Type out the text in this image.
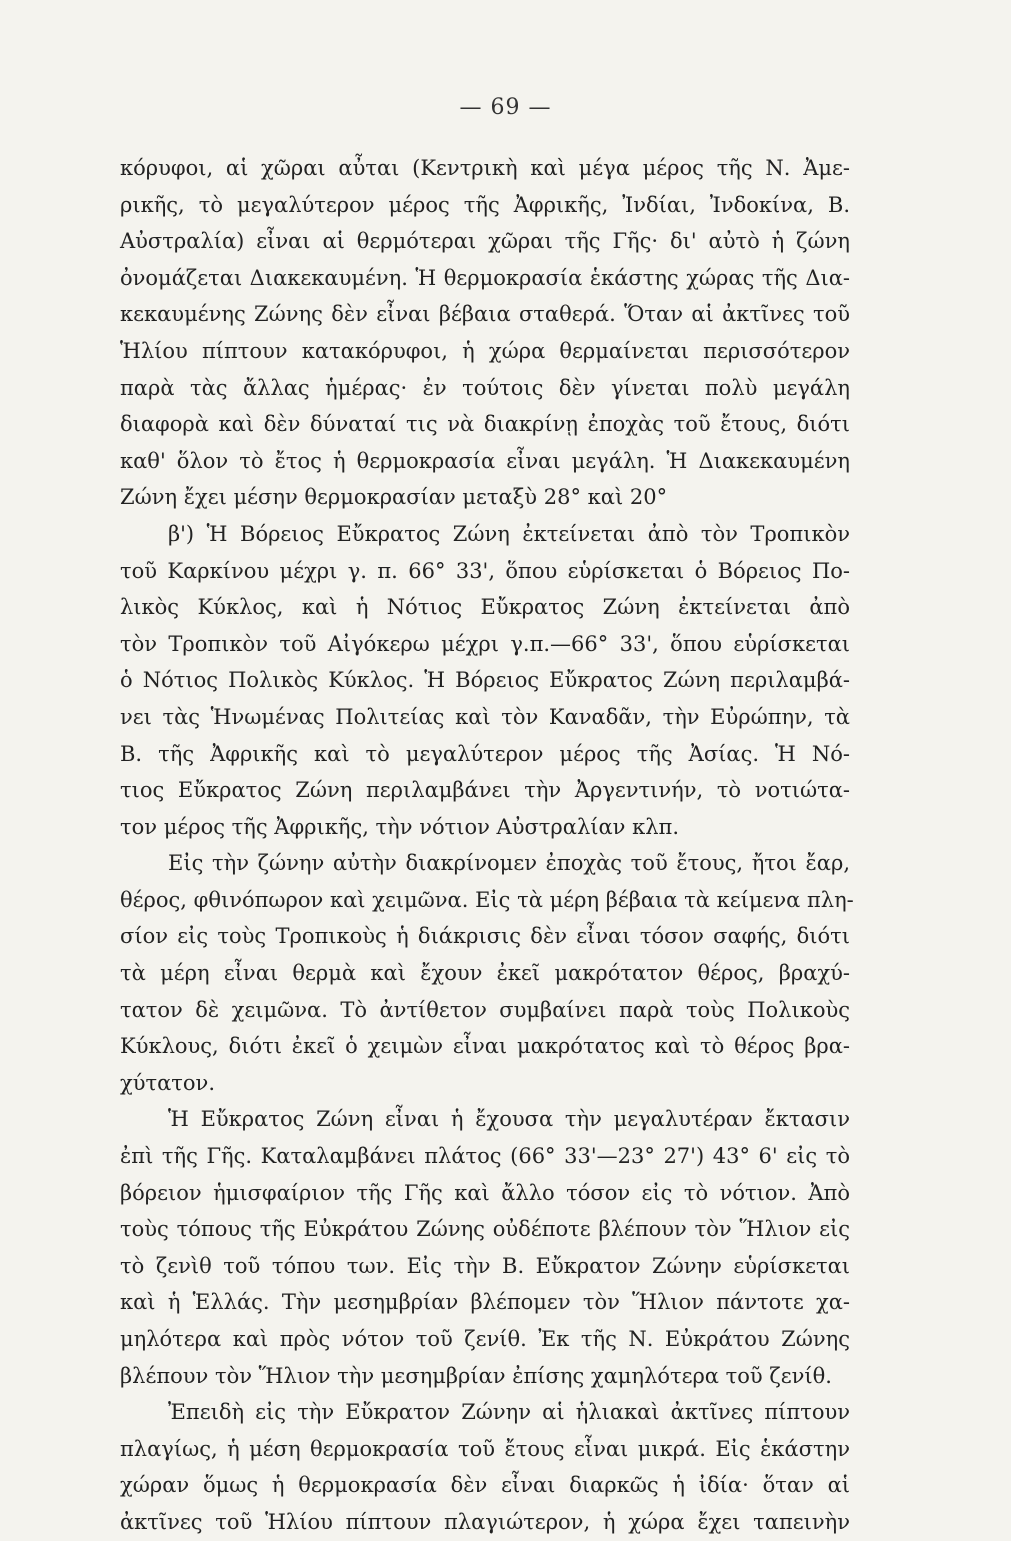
— 69 —
κόρυφοι, αἱ χῶραι αὖται (Κεντρικὴ καὶ μέγα μέρος τῆς Ν. Ἀμε-
ρικῆς, τὸ μεγαλύτερον μέρος τῆς Ἀφρικῆς, Ἰνδίαι, Ἰνδοκίνα, Β.
Αὐστραλία) εἶναι αἱ θερμότεραι χῶραι τῆς Γῆς· δι' αὐτὸ ἡ ζώνη
ὀνομάζεται Διακεκαυμένη. Ἡ θερμοκρασία ἑκάστης χώρας τῆς Δια-
κεκαυμένης Ζώνης δὲν εἶναι βέβαια σταθερά. Ὅταν αἱ ἀκτῖνες τοῦ
Ἡλίου πίπτουν κατακόρυφοι, ἡ χώρα θερμαίνεται περισσότερον
παρὰ τὰς ἄλλας ἡμέρας· ἐν τούτοις δὲν γίνεται πολὺ μεγάλη
διαφορὰ καὶ δὲν δύναταί τις νὰ διακρίνῃ ἐποχὰς τοῦ ἔτους, διότι
καθ' ὅλον τὸ ἔτος ἡ θερμοκρασία εἶναι μεγάλη. Ἡ Διακεκαυμένη
Ζώνη ἔχει μέσην θερμοκρασίαν μεταξὺ 28° καὶ 20°
β') Ἡ Βόρειος Εὔκρατος Ζώνη ἐκτείνεται ἀπὸ τὸν Τροπικὸν
τοῦ Καρκίνου μέχρι γ. π. 66° 33', ὅπου εὑρίσκεται ὁ Βόρειος Πο-
λικὸς Κύκλος, καὶ ἡ Νότιος Εὔκρατος Ζώνη ἐκτείνεται ἀπὸ
τὸν Τροπικὸν τοῦ Αἰγόκερω μέχρι γ.π.—66° 33', ὅπου εὑρίσκεται
ὁ Νότιος Πολικὸς Κύκλος. Ἡ Βόρειος Εὔκρατος Ζώνη περιλαμβά-
νει τὰς Ἡνωμένας Πολιτείας καὶ τὸν Καναδᾶν, τὴν Εὐρώπην, τὰ
Β. τῆς Ἀφρικῆς καὶ τὸ μεγαλύτερον μέρος τῆς Ἀσίας. Ἡ Νό-
τιος Εὔκρατος Ζώνη περιλαμβάνει τὴν Ἀργεντινήν, τὸ νοτιώτα-
τον μέρος τῆς Ἀφρικῆς, τὴν νότιον Αὐστραλίαν κλπ.
Εἰς τὴν ζώνην αὐτὴν διακρίνομεν ἐποχὰς τοῦ ἔτους, ἤτοι ἔαρ,
θέρος, φθινόπωρον καὶ χειμῶνα. Εἰς τὰ μέρη βέβαια τὰ κείμενα πλη-
σίον εἰς τοὺς Τροπικοὺς ἡ διάκρισις δὲν εἶναι τόσον σαφής, διότι
τὰ μέρη εἶναι θερμὰ καὶ ἔχουν ἐκεῖ μακρότατον θέρος, βραχύ-
τατον δὲ χειμῶνα. Τὸ ἀντίθετον συμβαίνει παρὰ τοὺς Πολικοὺς
Κύκλους, διότι ἐκεῖ ὁ χειμὼν εἶναι μακρότατος καὶ τὸ θέρος βρα-
χύτατον.
Ἡ Εὔκρατος Ζώνη εἶναι ἡ ἔχουσα τὴν μεγαλυτέραν ἔκτασιν
ἐπὶ τῆς Γῆς. Καταλαμβάνει πλάτος (66° 33'—23° 27') 43° 6' εἰς τὸ
βόρειον ἡμισφαίριον τῆς Γῆς καὶ ἄλλο τόσον εἰς τὸ νότιον. Ἀπὸ
τοὺς τόπους τῆς Εὐκράτου Ζώνης οὐδέποτε βλέπουν τὸν Ἥλιον εἰς
τὸ ζενὶθ τοῦ τόπου των. Εἰς τὴν Β. Εὔκρατον Ζώνην εὑρίσκεται
καὶ ἡ Ἑλλάς. Τὴν μεσημβρίαν βλέπομεν τὸν Ἥλιον πάντοτε χα-
μηλότερα καὶ πρὸς νότον τοῦ ζενίθ. Ἐκ τῆς Ν. Εὐκράτου Ζώνης
βλέπουν τὸν Ἥλιον τὴν μεσημβρίαν ἐπίσης χαμηλότερα τοῦ ζενίθ.
Ἐπειδὴ εἰς τὴν Εὔκρατον Ζώνην αἱ ἡλιακαὶ ἀκτῖνες πίπτουν
πλαγίως, ἡ μέση θερμοκρασία τοῦ ἔτους εἶναι μικρά. Εἰς ἑκάστην
χώραν ὅμως ἡ θερμοκρασία δὲν εἶναι διαρκῶς ἡ ἰδία· ὅταν αἱ
ἀκτῖνες τοῦ Ἡλίου πίπτουν πλαγιώτερον, ἡ χώρα ἔχει ταπεινὴν
